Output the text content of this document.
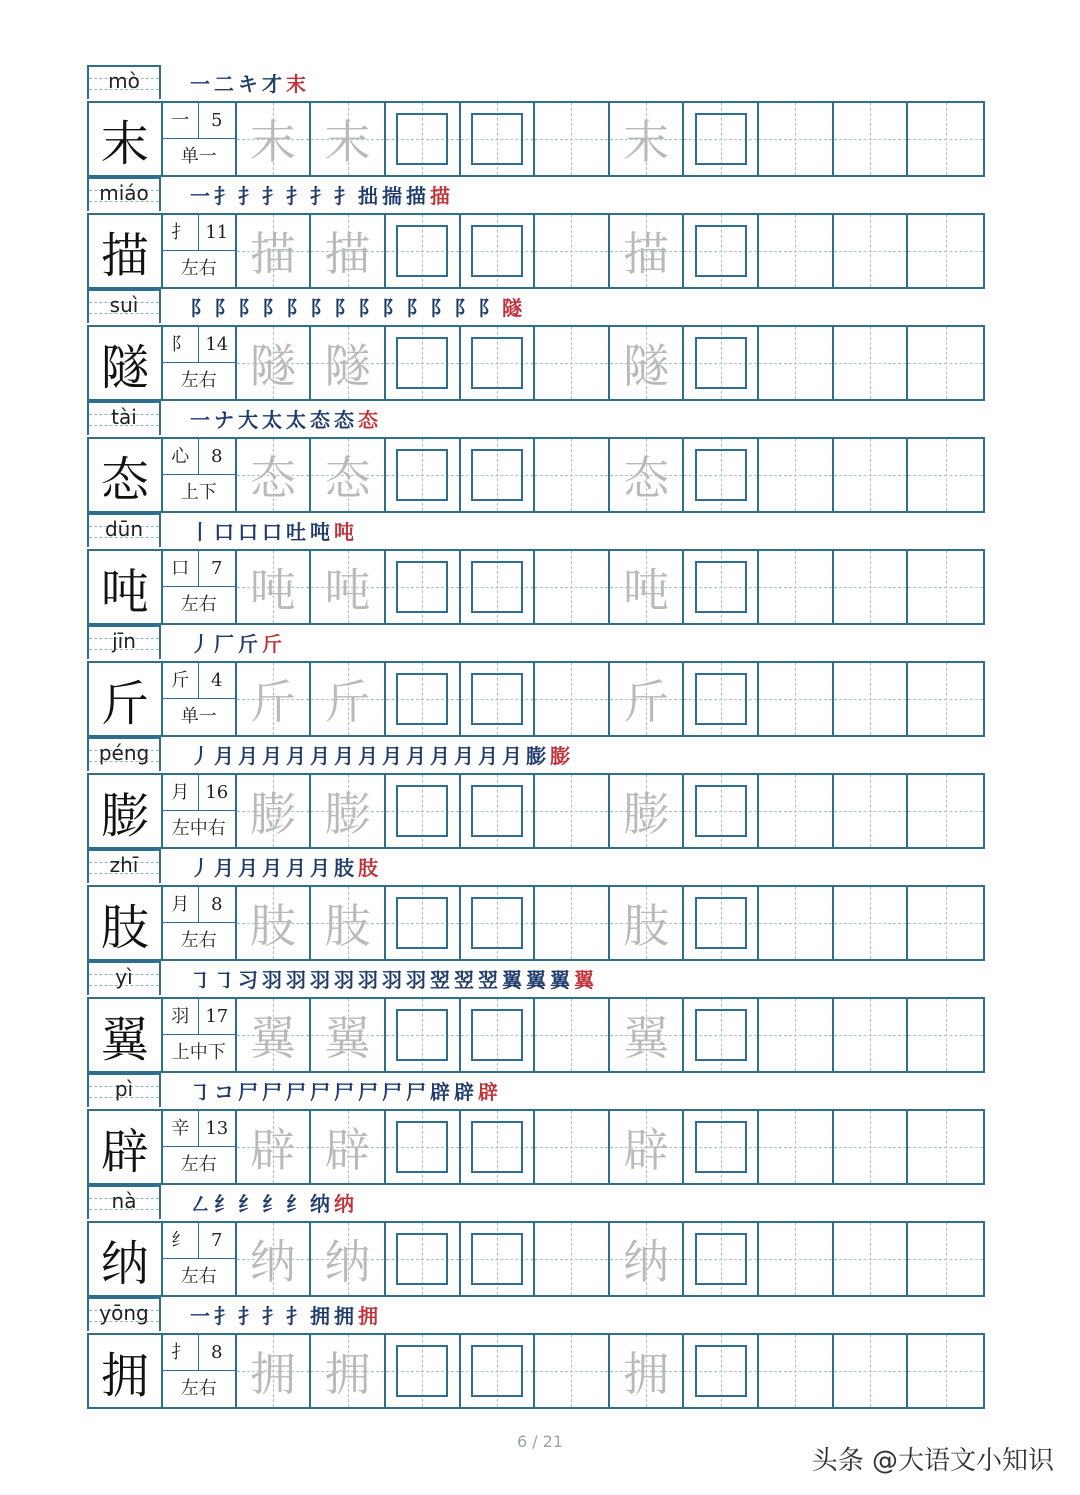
mò	一 二 キ 才 末
末	一	5
单一 末 末	末
miáo	一 扌 扌 扌 扌 扌 扌 拙 揣 描 描
描	扌 11
左右 描 描	描
suì	阝 阝 阝 阝 阝 阝 阝 阝 阝 阝 阝 阝 阝 隧
隧	阝 14
左右 隧 隧	隧
tài	一 ナ 大 太 太 态 态 态
态	心	8
上下 态 态	态
dūn	丨 口 口 口 吐 吨 吨
吨	口	7
左右 吨 吨	吨
jīn	丿 厂 斤 斤
斤	斤	4
单一 斤 斤	斤
péng	丿 月 月 月 月 月 月 月 月 月 月 月 月 月 膨 膨
膨	月 16
左中右 膨 膨	膨
zhī	丿 月 月 月 月 月 肢 肢
肢	月	8
左右 肢 肢	肢
yì	㇆ ㇆ 习 羽 羽 羽 羽 羽 羽 羽 翌 翌 翌 翼 翼 翼 翼
翼	羽 17
上中下 翼 翼	翼
pì	㇆ コ 尸 尸 尸 尸 尸 尸 尸 尸 辟 辟 辟
辟	辛 13
左右 辟 辟	辟
nà	㇜ 纟 纟 纟 纟 纳 纳
纳	纟	7
左右 纳 纳	纳
yōng	一 扌 扌 扌 扌 拥 拥 拥
拥	扌	8
左右 拥 拥	拥
6 / 21
头条 @大语文小知识
